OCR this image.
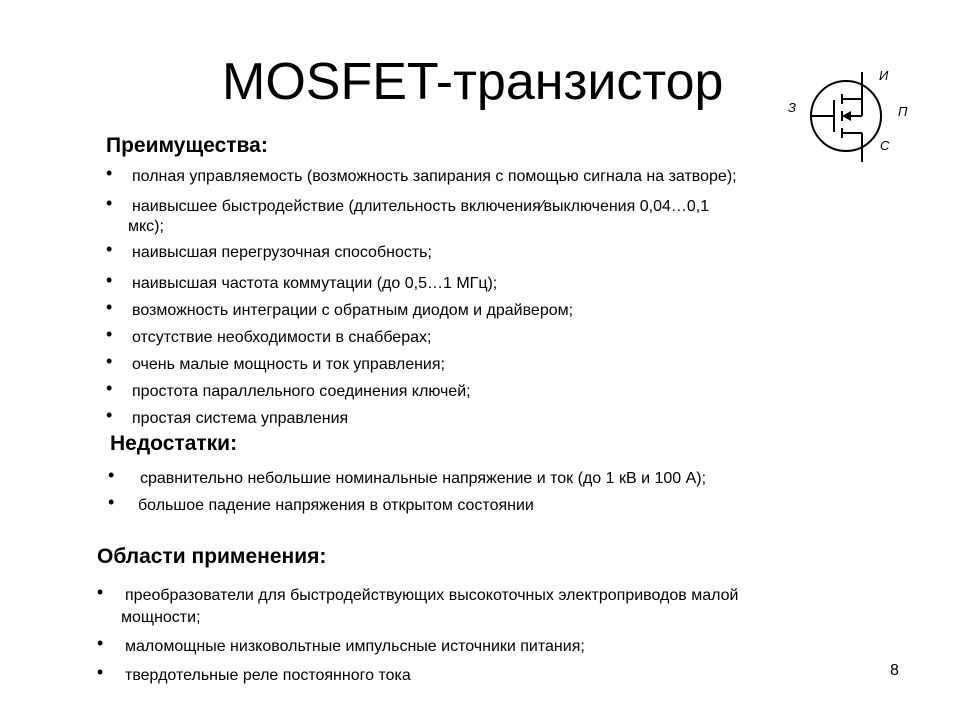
MOSFET-транзистор	И
З	П
С
Преимущества:
• полная управляемость (возможность запирания с помощью сигнала на затворе);
• наивысшее быстродействие (длительность включения⁄выключения 0,04…0,1
мкс);
• наивысшая перегрузочная способность;
• наивысшая частота коммутации (до 0,5…1 МГц);
• возможность интеграции с обратным диодом и драйвером;
• отсутствие необходимости в снабберах;
• очень малые мощность и ток управления;
• простота параллельного соединения ключей;
• простая система управления
Недостатки:
• сравнительно небольшие номинальные напряжение и ток (до 1 кВ и 100 А);
• большое падение напряжения в открытом состоянии
Области применения:
• преобразователи для быстродействующих высокоточных электроприводов малой
мощности;
• маломощные низковольтные импульсные источники питания;
• твердотельные реле постоянного тока	8
